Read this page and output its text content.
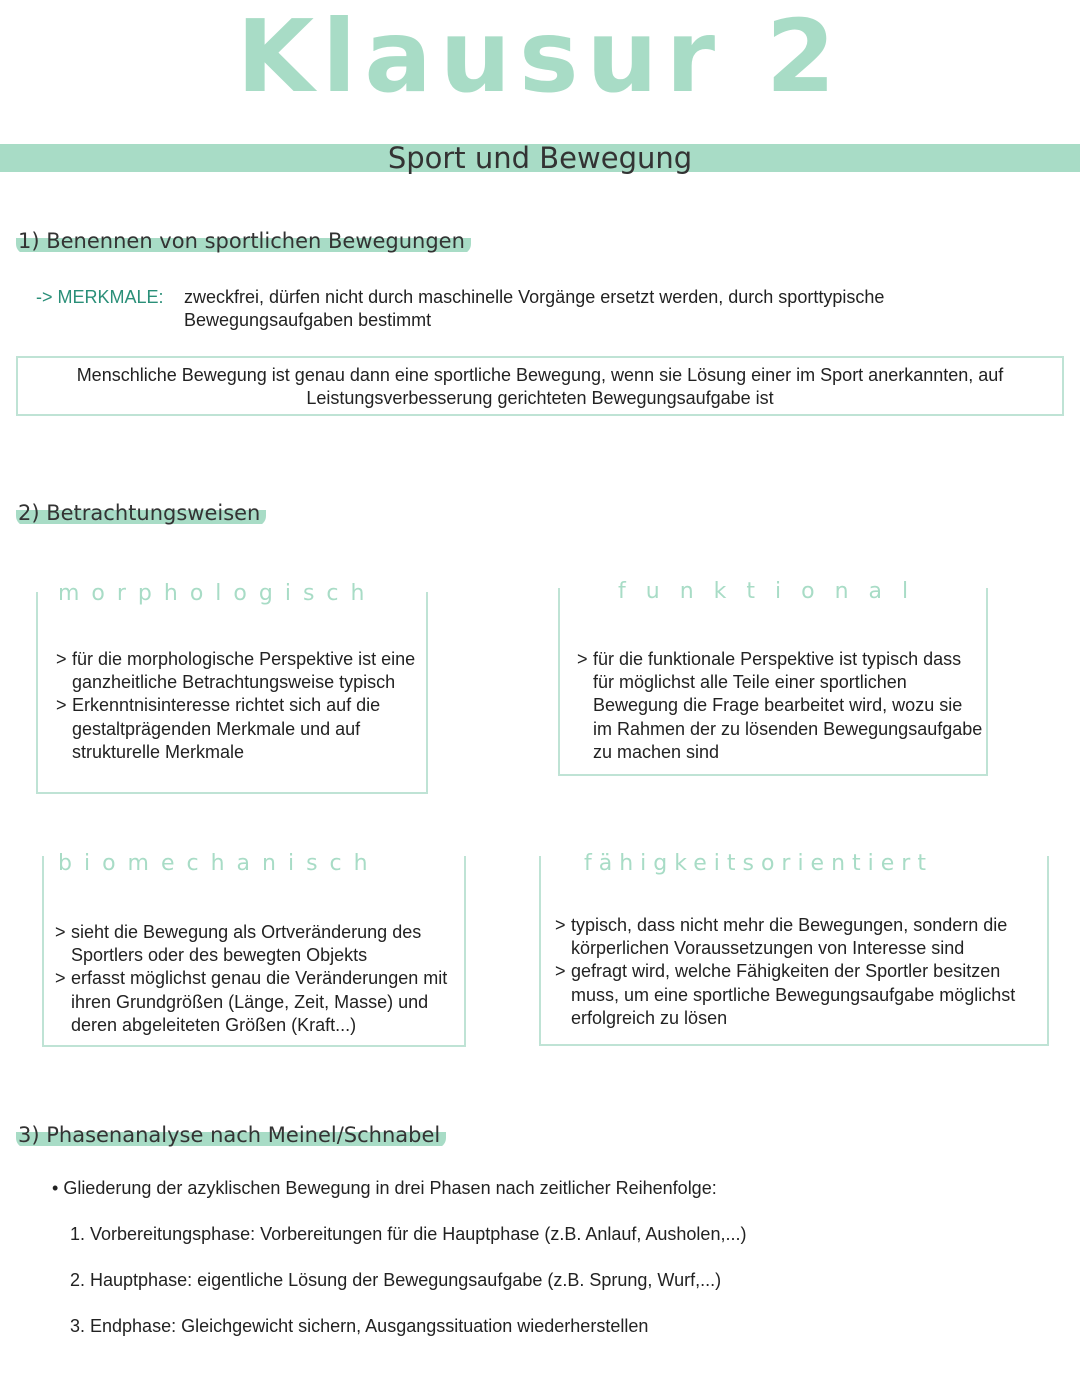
Klausur 2
Sport und Bewegung
1) Benennen von sportlichen Bewegungen
-> MERKMALE: zweckfrei, dürfen nicht durch maschinelle Vorgänge ersetzt werden, durch sporttypische Bewegungsaufgaben bestimmt
Menschliche Bewegung ist genau dann eine sportliche Bewegung, wenn sie Lösung einer im Sport anerkannten, auf Leistungsverbesserung gerichteten Bewegungsaufgabe ist
2) Betrachtungsweisen
morphologisch
> für die morphologische Perspektive ist eine ganzheitliche Betrachtungsweise typisch
> Erkenntnisinteresse richtet sich auf die gestaltprägenden Merkmale und auf strukturelle Merkmale
funktional
> für die funktionale Perspektive ist typisch dass für möglichst alle Teile einer sportlichen Bewegung die Frage bearbeitet wird, wozu sie im Rahmen der zu lösenden Bewegungsaufgabe zu machen sind
biomechanisch
> sieht die Bewegung als Ortveränderung des Sportlers oder des bewegten Objekts
> erfasst möglichst genau die Veränderungen mit ihren Grundgrößen (Länge, Zeit, Masse) und deren abgeleiteten Größen (Kraft...)
fähigkeitsorientiert
> typisch, dass nicht mehr die Bewegungen, sondern die körperlichen Voraussetzungen von Interesse sind
> gefragt wird, welche Fähigkeiten der Sportler besitzen muss, um eine sportliche Bewegungsaufgabe möglichst erfolgreich zu lösen
3) Phasenanalyse nach Meinel/Schnabel
• Gliederung der azyklischen Bewegung in drei Phasen nach zeitlicher Reihenfolge:
1. Vorbereitungsphase: Vorbereitungen für die Hauptphase (z.B. Anlauf, Ausholen,...)
2. Hauptphase: eigentliche Lösung der Bewegungsaufgabe (z.B. Sprung, Wurf,...)
3. Endphase: Gleichgewicht sichern, Ausgangssituation wiederherstellen
